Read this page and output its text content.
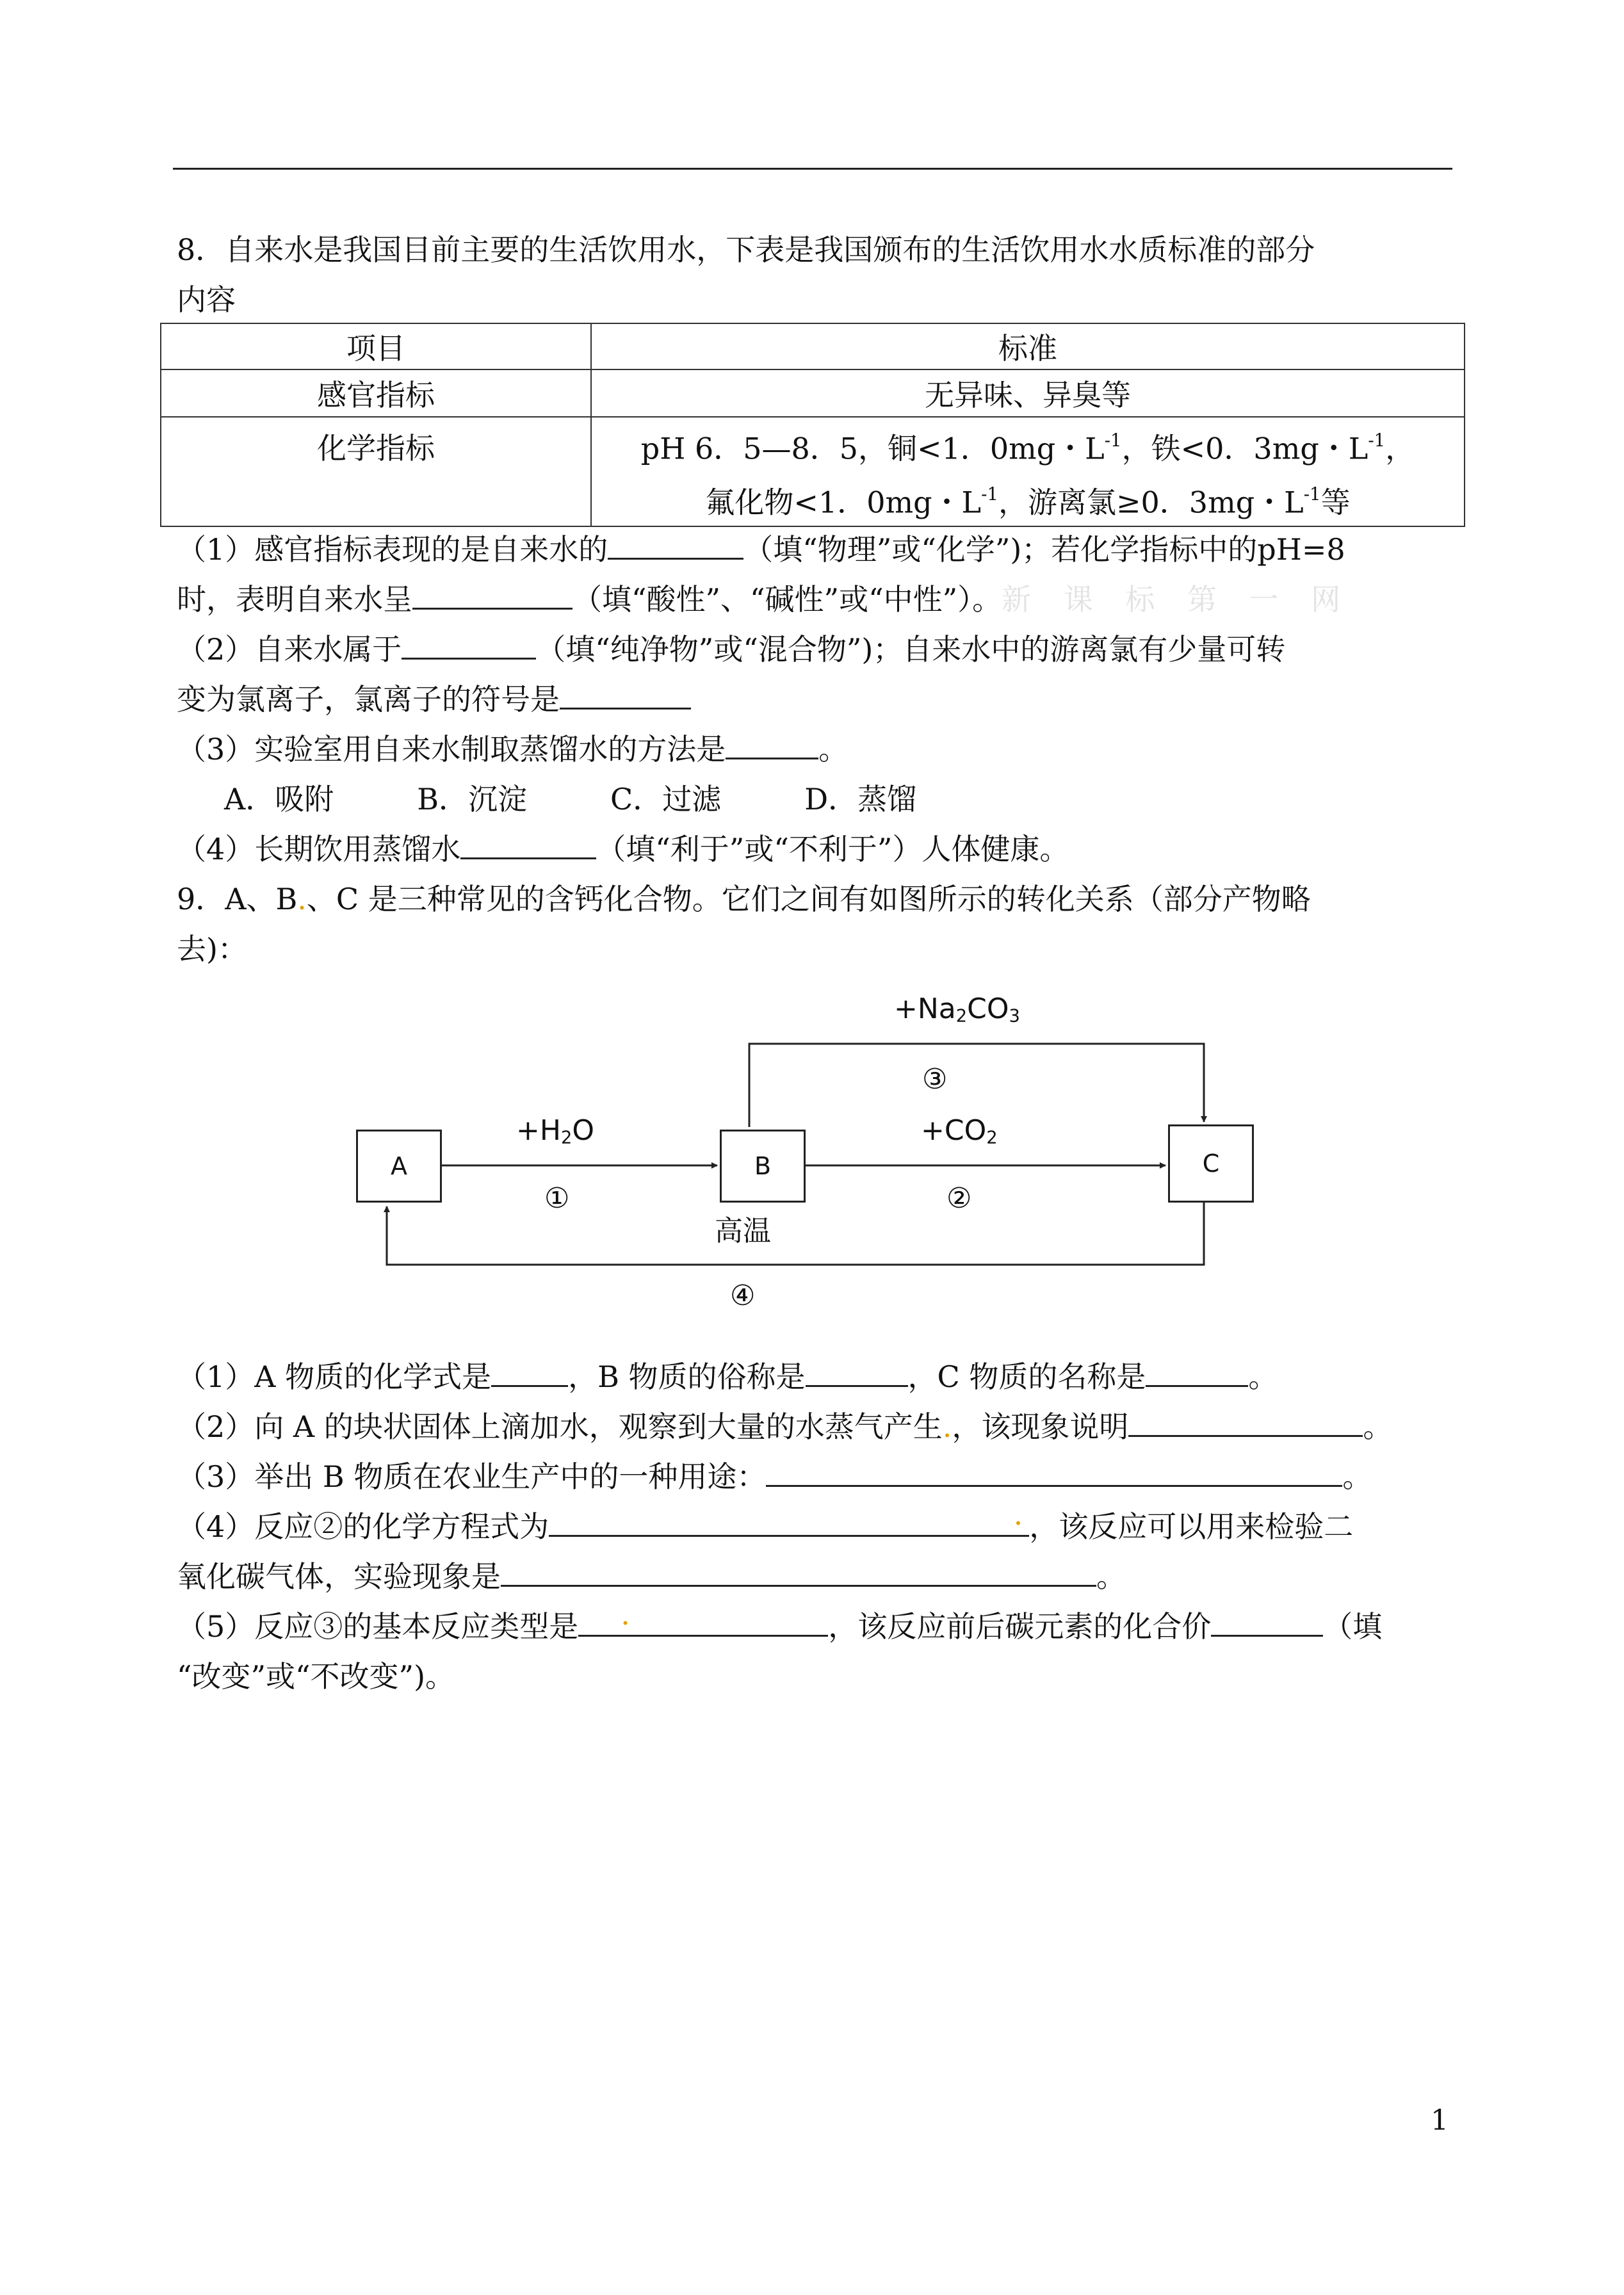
8．自来水是我国目前主要的生活饮用水，下表是我国颁布的生活饮用水水质标准的部分
内容
项目	标准
感官指标	无异味、异臭等
化学指标	pH 6．5—8．5，铜<1．0mg・$L^{-1}$，铁<0．3mg・$L^{-1}$，
氟化物<1．0mg・$L^{-1}$，游离氯≥0．3mg・$L^{-1}$等
（1）感官指标表现的是自来水的	（填“物理”或“化学”)；若化学指标中的pH=8
时，表明自来水呈	（填“酸性”、“碱性”或“中性”）。新 课 标 第 一 网
（2）自来水属于	（填“纯净物”或“混合物”)；自来水中的游离氯有少量可转
变为氯离子，氯离子的符号是
（3）实验室用自来水制取蒸馏水的方法是	。
A．吸附	B．沉淀	C．过滤	D．蒸馏
（4）长期饮用蒸馏水	（填“利于”或“不利于”）人体健康。
9．A、B.、C 是三种常见的含钙化合物。它们之间有如图所示的转化关系（部分产物略
去)：
A	B	C
$+Na_2CO_3$
③
$+H_2O$	$+CO_2$
①
高温
②
④
（1）A 物质的化学式是	，B 物质的俗称是	，C 物质的名称是	。
（2）向 A 的块状固体上滴加水，观察到大量的水蒸气产生.，该现象说明	。
（3）举出 B 物质在农业生产中的一种用途：	。
（4）反应②的化学方程式为	. ，该反应可以用来检验二
氧化碳气体，实验现象是	。
（5）反应③的基本反应类型是 .	，该反应前后碳元素的化合价	（填
“改变”或“不改变”)。
1
